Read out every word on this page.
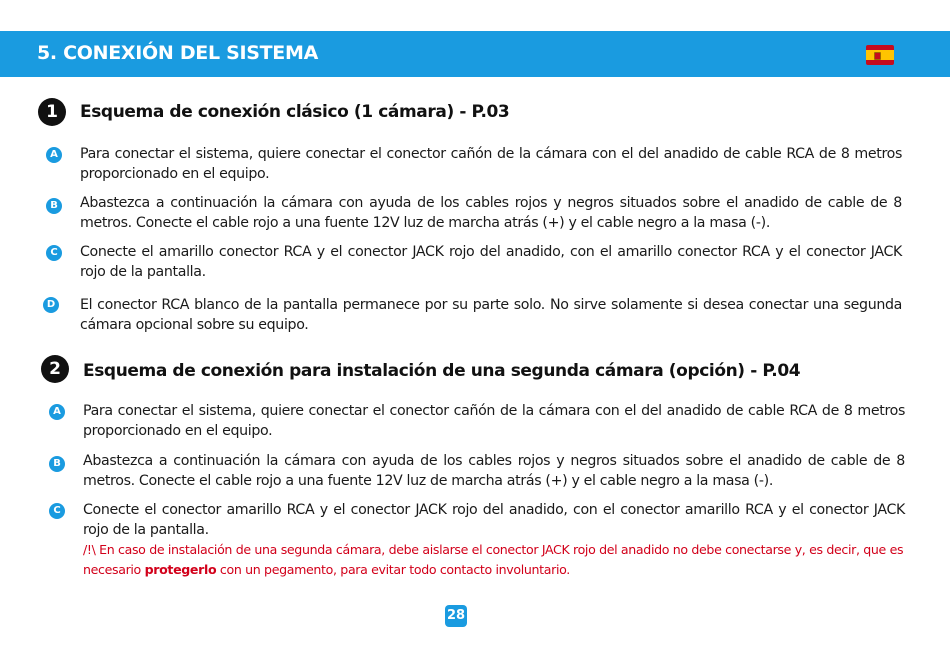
5. CONEXIÓN DEL SISTEMA
1	Esquema de conexión clásico (1 cámara) - P.03
A Para conectar el sistema, quiere conectar el conector cañón de la cámara con el del anadido de cable RCA de 8 metros proporcionado en el equipo.
B Abastezca a continuación la cámara con ayuda de los cables rojos y negros situados sobre el anadido de cable de 8 metros. Conecte el cable rojo a una fuente 12V luz de marcha atrás (+) y el cable negro a la masa (-).
C	Conecte el amarillo conector RCA y el conector JACK rojo del anadido, con el amarillo conector RCA y el conector JACK rojo de la pantalla.
D El conector RCA blanco de la pantalla permanece por su parte solo. No sirve solamente si desea conectar una segunda cámara opcional sobre su equipo.
2	Esquema de conexión para instalación de una segunda cámara (opción) - P.04
A Para conectar el sistema, quiere conectar el conector cañón de la cámara con el del anadido de cable RCA de 8 metros proporcionado en el equipo.
B Abastezca a continuación la cámara con ayuda de los cables rojos y negros situados sobre el anadido de cable de 8 metros. Conecte el cable rojo a una fuente 12V luz de marcha atrás (+) y el cable negro a la masa (-).
C	Conecte el conector amarillo RCA y el conector JACK rojo del anadido, con el conector amarillo RCA y el conector JACK rojo de la pantalla.
/!\ En caso de instalación de una segunda cámara, debe aislarse el conector JACK rojo del anadido no debe conectarse y, es decir, que es necesario protegerlo con un pegamento, para evitar todo contacto involuntario.
28
